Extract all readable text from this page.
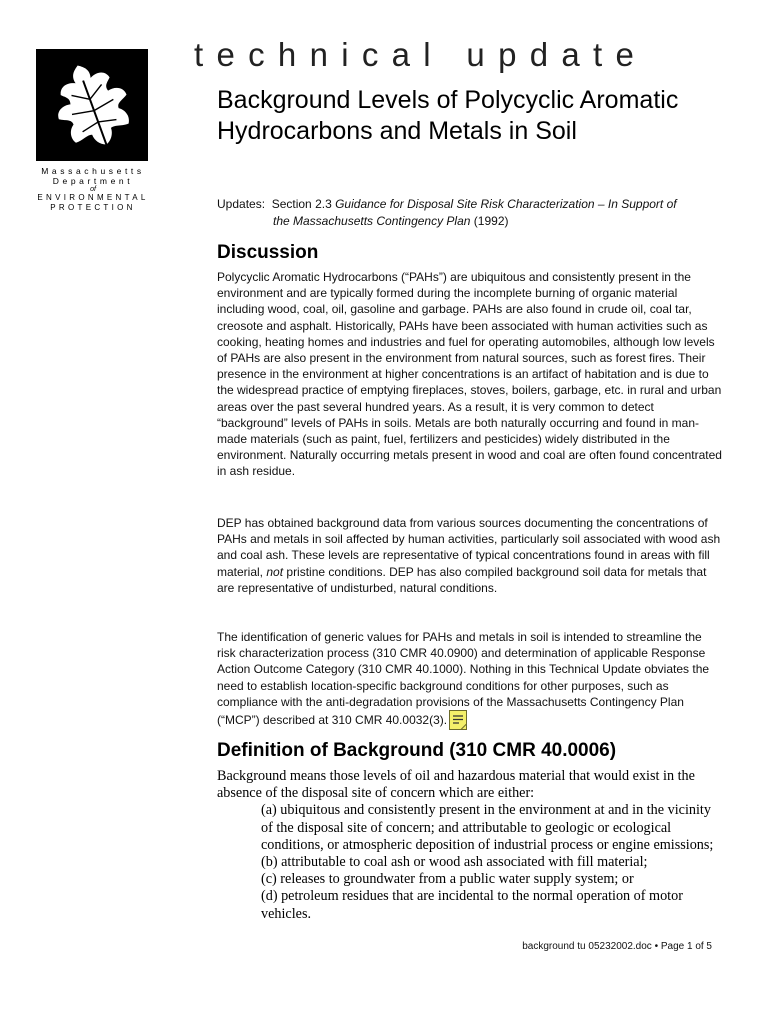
Massachusetts
Department
of
ENVIRONMENTAL
PROTECTION
technical update
Background Levels of Polycyclic Aromatic Hydrocarbons and Metals in Soil
Updates: Section 2.3 Guidance for Disposal Site Risk Characterization – In Support of
the Massachusetts Contingency Plan (1992)
Discussion

Polycyclic Aromatic Hydrocarbons (“PAHs”) are ubiquitous and consistently present in the environment and are typically formed during the incomplete burning of organic material including wood, coal, oil, gasoline and garbage. PAHs are also found in crude oil, coal tar, creosote and asphalt. Historically, PAHs have been associated with human activities such as cooking, heating homes and industries and fuel for operating automobiles, although low levels of PAHs are also present in the environment from natural sources, such as forest fires. Their presence in the environment at higher concentrations is an artifact of habitation and is due to the widespread practice of emptying fireplaces, stoves, boilers, garbage, etc. in rural and urban areas over the past several hundred years. As a result, it is very common to detect “background” levels of PAHs in soils. Metals are both naturally occurring and found in man-made materials (such as paint, fuel, fertilizers and pesticides) widely distributed in the environment. Naturally occurring metals present in wood and coal are often found concentrated in ash residue.

DEP has obtained background data from various sources documenting the concentrations of PAHs and metals in soil affected by human activities, particularly soil associated with wood ash and coal ash. These levels are representative of typical concentrations found in areas with fill material, not pristine conditions. DEP has also compiled background soil data for metals that are representative of undisturbed, natural conditions.

The identification of generic values for PAHs and metals in soil is intended to streamline the risk characterization process (310 CMR 40.0900) and determination of applicable Response Action Outcome Category (310 CMR 40.1000). Nothing in this Technical Update obviates the need to establish location-specific background conditions for other purposes, such as compliance with the anti-degradation provisions of the Massachusetts Contingency Plan (“MCP”) described at 310 CMR 40.0032(3).

Definition of Background (310 CMR 40.0006)
Background means those levels of oil and hazardous material that would exist in the absence of the disposal site of concern which are either:
(a) ubiquitous and consistently present in the environment at and in the vicinity of the disposal site of concern; and attributable to geologic or ecological conditions, or atmospheric deposition of industrial process or engine emissions;
(b) attributable to coal ash or wood ash associated with fill material;
(c) releases to groundwater from a public water supply system; or
(d) petroleum residues that are incidental to the normal operation of motor vehicles.
background tu 05232002.doc • Page 1 of 5
